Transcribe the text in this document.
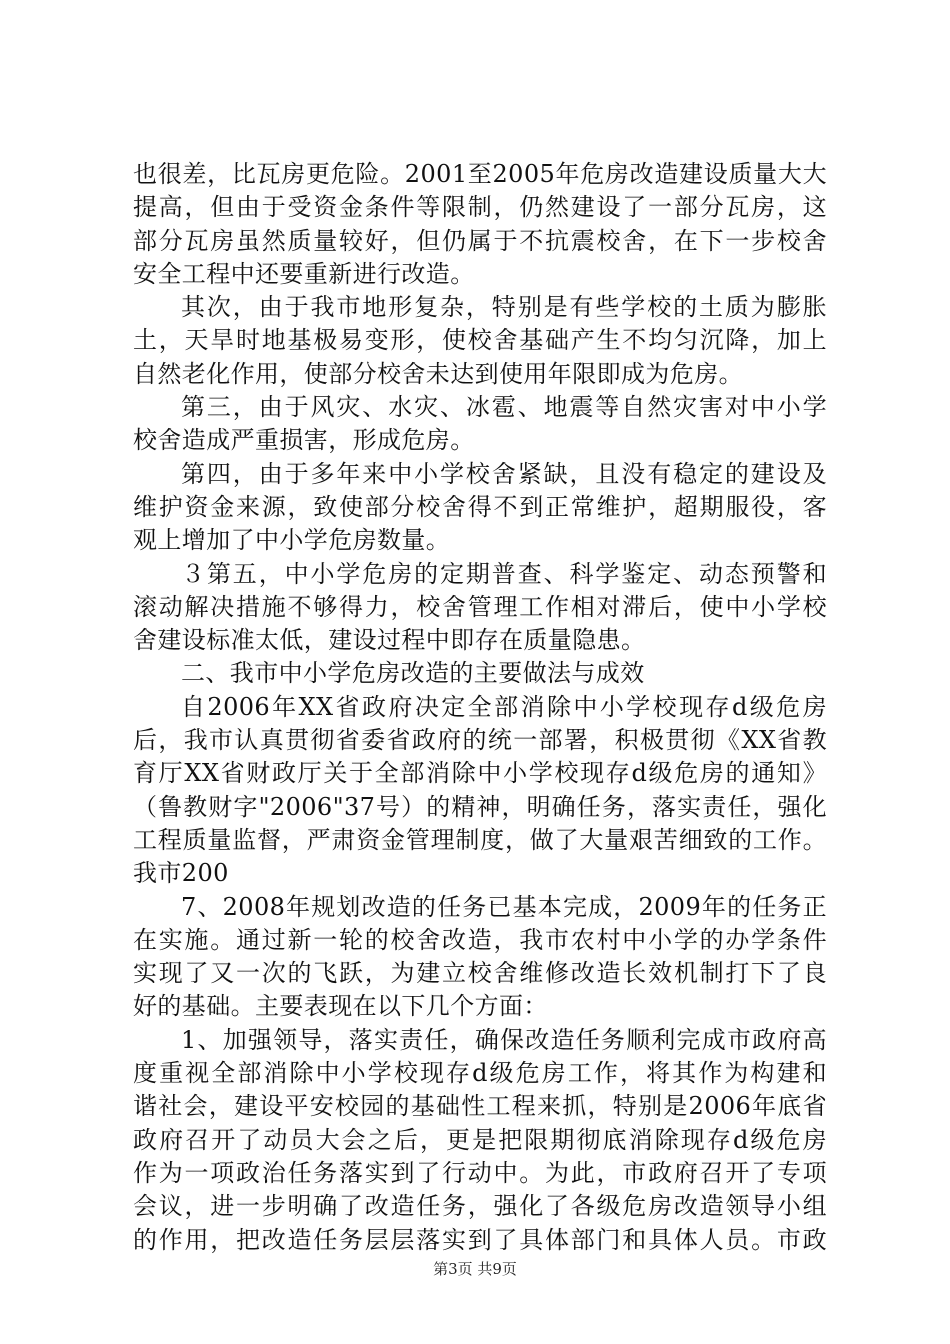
也很差，比瓦房更危险。2001至2005年危房改造建设质量大大
提高，但由于受资金条件等限制，仍然建设了一部分瓦房，这
部分瓦房虽然质量较好，但仍属于不抗震校舍，在下一步校舍
安全工程中还要重新进行改造。
其次，由于我市地形复杂，特别是有些学校的土质为膨胀
土，天旱时地基极易变形，使校舍基础产生不均匀沉降，加上
自然老化作用，使部分校舍未达到使用年限即成为危房。
第三，由于风灾、水灾、冰雹、地震等自然灾害对中小学
校舍造成严重损害，形成危房。
第四，由于多年来中小学校舍紧缺，且没有稳定的建设及
维护资金来源，致使部分校舍得不到正常维护，超期服役，客
观上增加了中小学危房数量。
３第五，中小学危房的定期普查、科学鉴定、动态预警和
滚动解决措施不够得力，校舍管理工作相对滞后，使中小学校
舍建设标准太低，建设过程中即存在质量隐患。
二、我市中小学危房改造的主要做法与成效
自2006年XX省政府决定全部消除中小学校现存d级危房
后，我市认真贯彻省委省政府的统一部署，积极贯彻《XX省教
育厅XX省财政厅关于全部消除中小学校现存d级危房的通知》
（鲁教财字"2006"37号）的精神，明确任务，落实责任，强化
工程质量监督，严肃资金管理制度，做了大量艰苦细致的工作。
我市200
7、2008年规划改造的任务已基本完成，2009年的任务正
在实施。通过新一轮的校舍改造，我市农村中小学的办学条件
实现了又一次的飞跃，为建立校舍维修改造长效机制打下了良
好的基础。主要表现在以下几个方面：
1、加强领导，落实责任，确保改造任务顺利完成市政府高
度重视全部消除中小学校现存d级危房工作，将其作为构建和
谐社会，建设平安校园的基础性工程来抓，特别是2006年底省
政府召开了动员大会之后，更是把限期彻底消除现存d级危房
作为一项政治任务落实到了行动中。为此，市政府召开了专项
会议，进一步明确了改造任务，强化了各级危房改造领导小组
的作用，把改造任务层层落实到了具体部门和具体人员。市政
第3页 共9页
